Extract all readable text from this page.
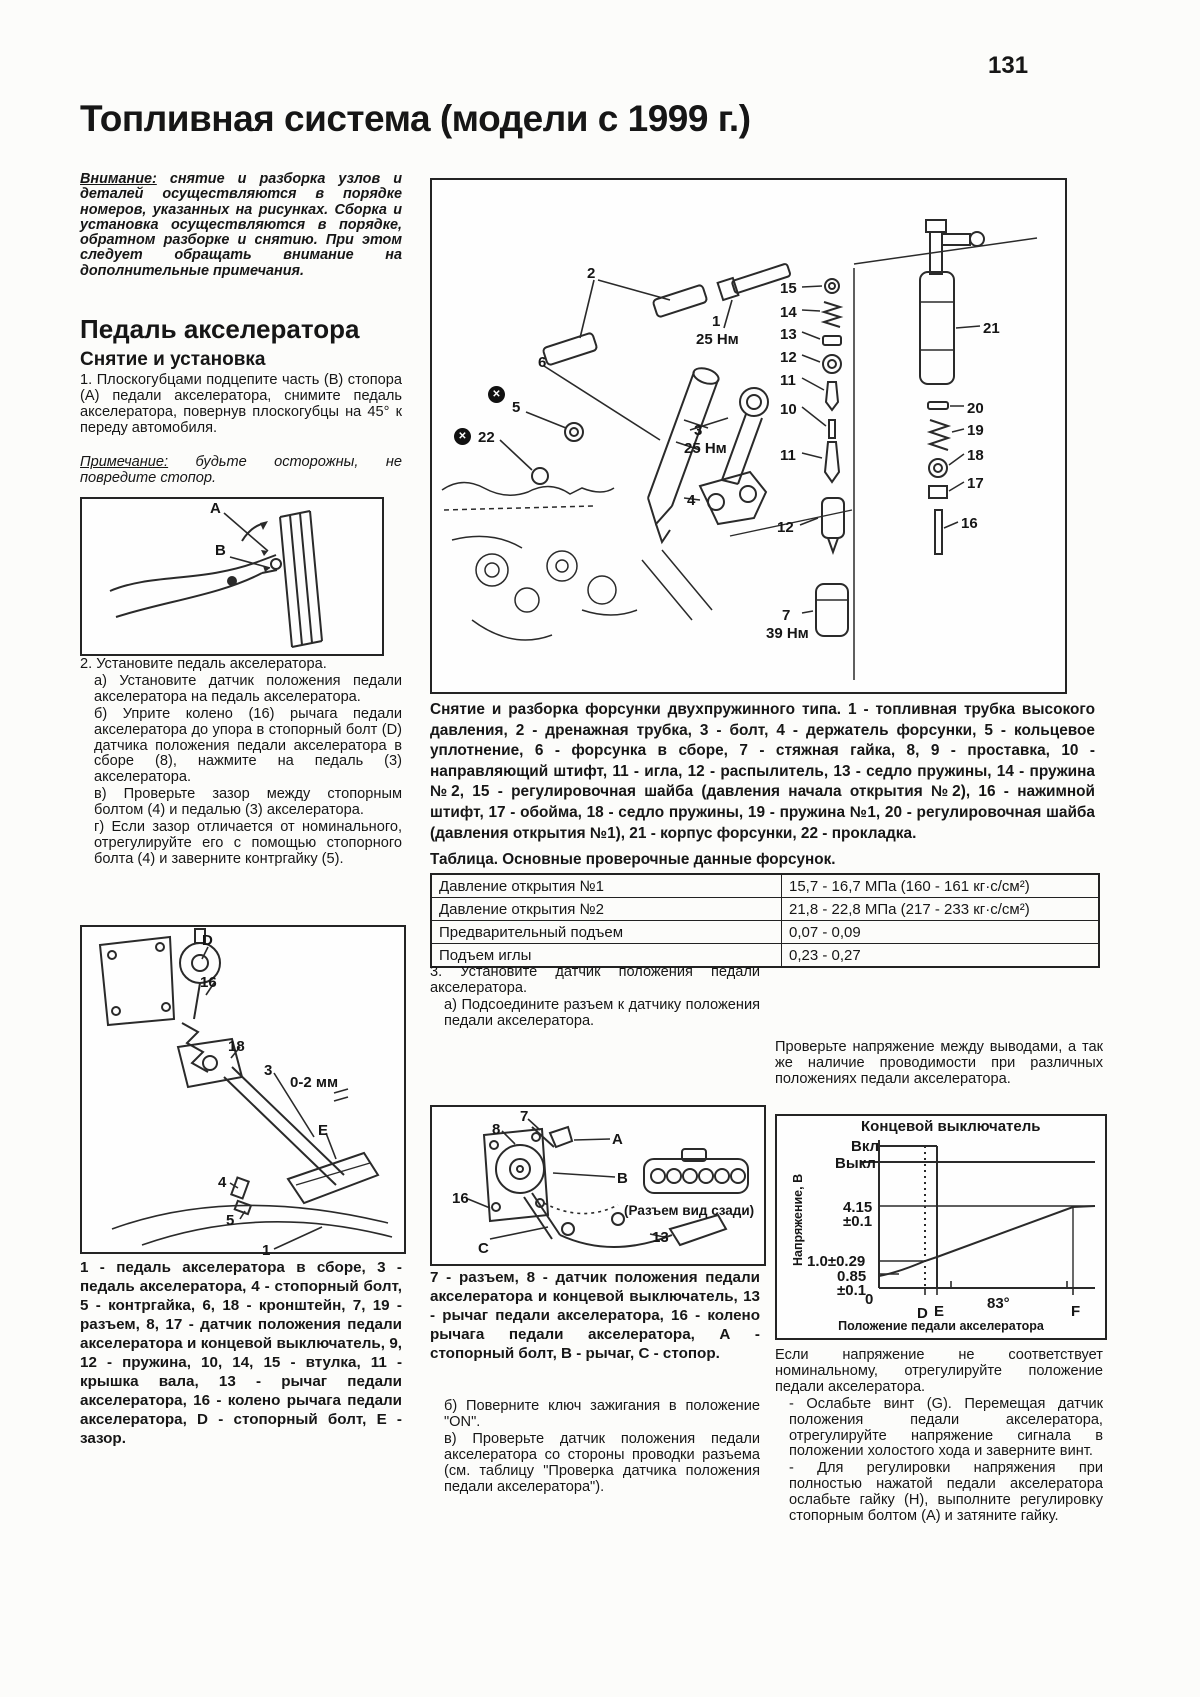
131
Топливная система (модели с 1999 г.)
Внимание: снятие и разборка узлов и деталей осуществляются в порядке номеров, указанных на рисунках. Сборка и установка осуществляются в порядке, обратном разборке и снятию. При этом следует обращать внимание на дополнительные примечания.
Педаль акселератора
Снятие и установка
1. Плоскогубцами подцепите часть (В) стопора (А) педали акселератора, снимите педаль акселератора, повернув плоскогубцы на 45° к переду автомобиля.
Примечание: будьте осторожны, не повредите стопор.
A
B
2. Установите педаль акселератора.
а) Установите датчик положения педали акселератора на педаль акселератора.
б) Уприте колено (16) рычага педали акселератора до упора в стопорный болт (D) датчика положения педали акселератора в сборе (8), нажмите на педаль (3) акселератора.
в) Проверьте зазор между стопорным болтом (4) и педалью (3) акселератора.
г) Если зазор отличается от номинального, отрегулируйте его с помощью стопорного болта (4) и заверните контргайку (5).
D
16
18
3
0-2 мм
E
4
5
1
1 - педаль акселератора в сборе, 3 - педаль акселератора, 4 - стопорный болт, 5 - контргайка, 6, 18 - кронштейн, 7, 19 - разъем, 8, 17 - датчик положения педали акселератора и концевой выключатель, 9, 12 - пружина, 10, 14, 15 - втулка, 11 - крышка вала, 13 - рычаг педали акселератора, 16 - колено рычага педали акселератора, D - стопорный болт, E - зазор.
2
1
25 Нм
15
14
13
12
11
10
11
12
7
39 Нм
21
20
19
18
17
16
6
✕
5
✕ 22	3
25 Нм
4
Снятие и разборка форсунки двухпружинного типа. 1 - топливная трубка высокого давления, 2 - дренажная трубка, 3 - болт, 4 - держатель форсунки, 5 - кольцевое уплотнение, 6 - форсунка в сборе, 7 - стяжная гайка, 8, 9 - проставка, 10 - направляющий штифт, 11 - игла, 12 - распылитель, 13 - седло пружины, 14 - пружина №2, 15 - регулировочная шайба (давления начала открытия №2), 16 - нажимной штифт, 17 - обойма, 18 - седло пружины, 19 - пружина №1, 20 - регулировочная шайба (давления открытия №1), 21 - корпус форсунки, 22 - прокладка.
Таблица. Основные проверочные данные форсунок.
Давление открытия №1	15,7 - 16,7 МПа (160 - 161 кг·с/см²)
Давление открытия №2	21,8 - 22,8 МПа (217 - 233 кг·с/см²)
Предварительный подъем	0,07 - 0,09
Подъем иглы	0,23 - 0,27
3. Установите датчик положения педали акселератора.
а) Подсоедините разъем к датчику положения педали акселератора.
(Разъем вид сзади)
7
8
A
B
16
C
13
7 - разъем, 8 - датчик положения педали акселератора и концевой выключатель, 13 - рычаг педали акселератора, 16 - колено рычага педали акселератора, А - стопорный болт, В - рычаг, С - стопор.
б) Поверните ключ зажигания в положение "ON".
в) Проверьте датчик положения педали акселератора со стороны проводки разъема (см. таблицу "Проверка датчика положения педали акселератора").
Проверьте напряжение между выводами, а так же наличие проводимости при различных положениях педали акселератора.
Напряжение, В
Положение педали акселератора
Концевой выключатель
Вкл
Выкл
4.15
±0.1
1.0±0.29
0.85
±0.1
0
D E	83°	F
Если напряжение не соответствует номинальному, отрегулируйте положение педали акселератора.
- Ослабьте винт (G). Перемещая датчик положения педали акселератора, отрегулируйте напряжение сигнала в положении холостого хода и заверните винт.
- Для регулировки напряжения при полностью нажатой педали акселератора ослабьте гайку (H), выполните регулировку стопорным болтом (А) и затяните гайку.
